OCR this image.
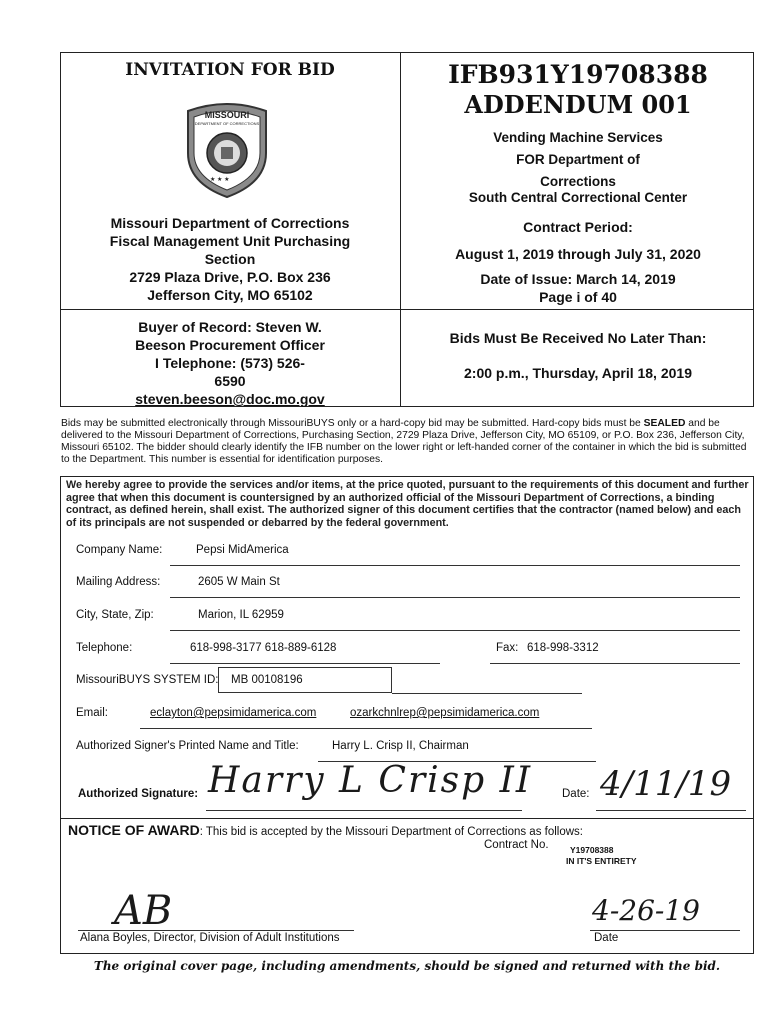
INVITATION FOR BID
★ ★ ★
MISSOURI
DEPARTMENT OF CORRECTIONS
Missouri Department of Corrections
Fiscal Management Unit Purchasing
Section
2729 Plaza Drive, P.O. Box 236
Jefferson City, MO 65102
IFB931Y19708388
ADDENDUM 001
Vending Machine Services
FOR Department of
Corrections
South Central Correctional Center
Contract Period:
August 1, 2019 through July 31, 2020
Date of Issue: March 14, 2019
Page i of 40
Buyer of Record: Steven W.
Beeson Procurement Officer
I Telephone: (573) 526-
6590
steven.beeson@doc.mo.gov
Bids Must Be Received No Later Than:
2:00 p.m., Thursday, April 18, 2019
Bids may be submitted electronically through MissouriBUYS only or a hard-copy bid may be submitted. Hard-copy bids must be SEALED and be delivered to the Missouri Department of Corrections, Purchasing Section, 2729 Plaza Drive, Jefferson City, MO 65109, or P.O. Box 236, Jefferson City, Missouri 65102. The bidder should clearly identify the IFB number on the lower right or left-handed corner of the container in which the bid is submitted to the Department. This number is essential for identification purposes.
We hereby agree to provide the services and/or items, at the price quoted, pursuant to the requirements of this document and further agree that when this document is countersigned by an authorized official of the Missouri Department of Corrections, a binding contract, as defined herein, shall exist. The authorized signer of this document certifies that the contractor (named below) and each of its principals are not suspended or debarred by the federal government.
Company Name:	Pepsi MidAmerica
Mailing Address:	2605 W Main St
City, State, Zip:	Marion, IL 62959
Telephone:	618-998-3177 618-889-6128	Fax: 618-998-3312
MissouriBUYS SYSTEM ID: MB 00108196
Email:	eclayton@pepsimidamerica.com	ozarkchnlrep@pepsimidamerica.com
Authorized Signer's Printed Name and Title:	Harry L. Crisp II, Chairman
Authorized Signature: Harry L Crisp II	Date: 4/11/19
NOTICE OF AWARD: This bid is accepted by the Missouri Department of Corrections as follows:
Contract No.	Y19708388
IN IT'S ENTIRETY
AB	4-26-19
Alana Boyles, Director, Division of Adult Institutions	Date
The original cover page, including amendments, should be signed and returned with the bid.
